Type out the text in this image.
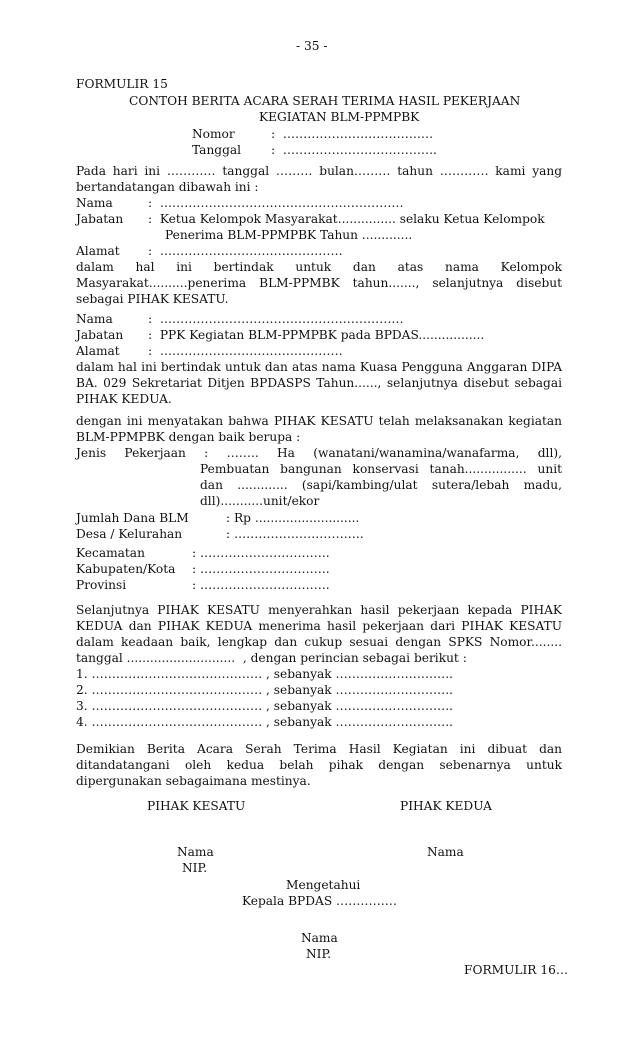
- 35 -
FORMULIR 15
CONTOH BERITA ACARA SERAH TERIMA HASIL PEKERJAAN
KEGIATAN BLM-PPMPBK
Nomor	:  ……………………………….
Tanggal :  ………………………………..
Pada hari ini ………… tanggal ……… bulan……… tahun ………… kami yang
bertandatangan dibawah ini :
Nama	:  ……………………………………………………
Jabatan :  Ketua Kelompok Masyarakat............... selaku Ketua Kelompok
Penerima BLM-PPMPBK Tahun .............
Alamat :  ………………………………………
dalam hal ini bertindak untuk dan atas nama Kelompok
Masyarakat..........penerima BLM-PPMBK tahun......., selanjutnya disebut
sebagai PIHAK KESATU.
Nama	:  ……………………………………………………
Jabatan :  PPK Kegiatan BLM-PPMPBK pada BPDAS.................
Alamat :  ………………………………………
dalam hal ini bertindak untuk dan atas nama Kuasa Pengguna Anggaran DIPA
BA. 029 Sekretariat Ditjen BPDASPS Tahun......, selanjutnya disebut sebagai
PIHAK KEDUA.
dengan ini menyatakan bahwa PIHAK KESATU telah melaksanakan kegiatan
BLM-PPMPBK dengan baik berupa :
Jenis Pekerjaan : …….. Ha (wanatani/wanamina/wanafarma, dll),
Pembuatan bangunan konservasi tanah................ unit
dan ............. (sapi/kambing/ulat sutera/lebah madu,
dll)...........unit/ekor
Jumlah Dana BLM	: Rp ...........................
Desa / Kelurahan	: …………………………..
Kecamatan	: …………………………..
Kabupaten/Kota : …………………………..
Provinsi	: …………………………..
Selanjutnya PIHAK KESATU menyerahkan hasil pekerjaan kepada PIHAK
KEDUA dan PIHAK KEDUA menerima hasil pekerjaan dari PIHAK KESATU
dalam keadaan baik, lengkap dan cukup sesuai dengan SPKS Nomor........
tanggal ............................  , dengan perincian sebagai berikut :
1. …………………………………… , sebanyak ………………………..
2. …………………………………… , sebanyak ………………………..
3. …………………………………… , sebanyak ………………………..
4. …………………………………… , sebanyak ………………………..
Demikian Berita Acara Serah Terima Hasil Kegiatan ini dibuat dan
ditandatangani oleh kedua belah pihak dengan sebenarnya untuk
dipergunakan sebagaimana mestinya.
PIHAK KESATU	PIHAK KEDUA
Nama	Nama
NIP.
Mengetahui
Kepala BPDAS ……………
Nama
NIP.
FORMULIR 16…
